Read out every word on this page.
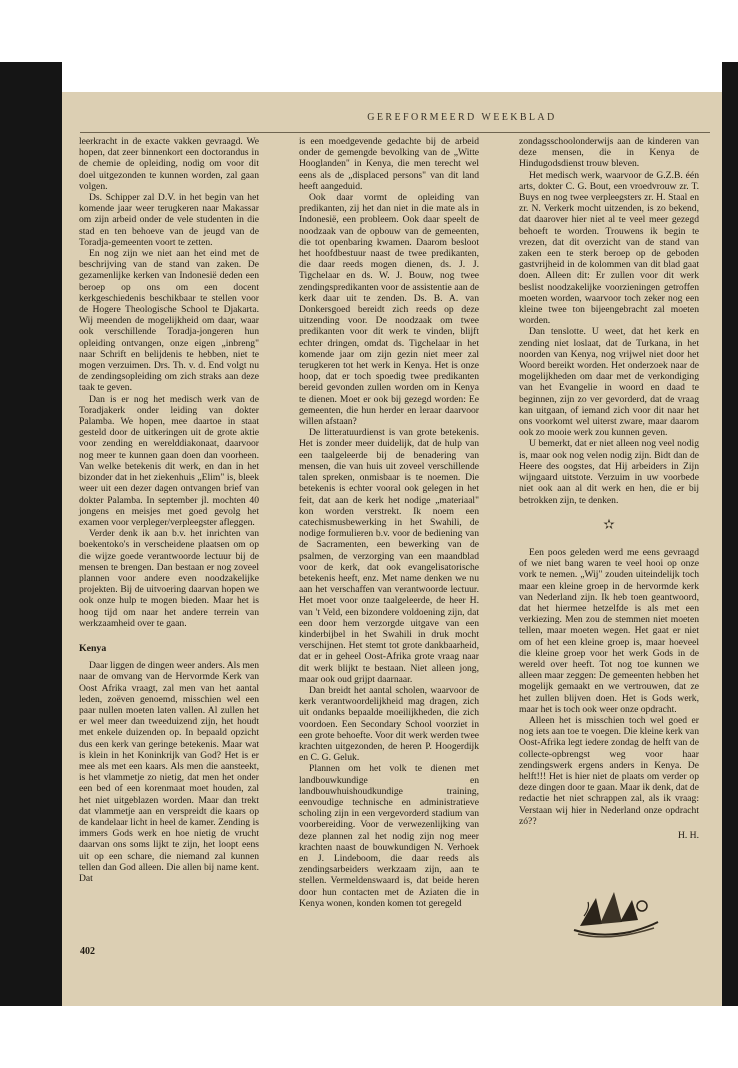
GEREFORMEERD WEEKBLAD

leerkracht in de exacte vakken gevraagd. We hopen, dat zeer binnenkort een doctorandus in de chemie de opleiding, nodig om voor dit doel uitgezonden te kunnen worden, zal gaan volgen.

Ds. Schipper zal D.V. in het begin van het komende jaar weer terugkeren naar Makassar om zijn arbeid onder de vele studenten in die stad en ten behoeve van de jeugd van de Toradja-gemeenten voort te zetten.

En nog zijn we niet aan het eind met de beschrijving van de stand van zaken. De gezamenlijke kerken van Indonesië deden een beroep op ons om een docent kerkgeschiedenis beschikbaar te stellen voor de Hogere Theologische School te Djakarta. Wij meenden de mogelijkheid om daar, waar ook verschillende Toradja-jongeren hun opleiding ontvangen, onze eigen „inbreng" naar Schrift en belijdenis te hebben, niet te mogen verzuimen. Drs. Th. v. d. End volgt nu de zendingsopleiding om zich straks aan deze taak te geven.

Dan is er nog het medisch werk van de Toradjakerk onder leiding van dokter Palamba. We hopen, mee daartoe in staat gesteld door de uitkeringen uit de grote aktie voor zending en werelddiakonaat, daarvoor nog meer te kunnen gaan doen dan voorheen. Van welke betekenis dit werk, en dan in het bizonder dat in het ziekenhuis „Elim" is, bleek weer uit een dezer dagen ontvangen brief van dokter Palamba. In september jl. mochten 40 jongens en meisjes met goed gevolg het examen voor verpleger/verpleegster afleggen.

Verder denk ik aan b.v. het inrichten van boekentoko's in verscheidene plaatsen om op die wijze goede verantwoorde lectuur bij de mensen te brengen. Dan bestaan er nog zoveel plannen voor andere even noodzakelijke projekten. Bij de uitvoering daarvan hopen we ook onze hulp te mogen bieden. Maar het is hoog tijd om naar het andere terrein van werkzaamheid over te gaan.

Kenya

Daar liggen de dingen weer anders. Als men naar de omvang van de Hervormde Kerk van Oost Afrika vraagt, zal men van het aantal leden, zoëven genoemd, misschien wel een paar nullen moeten laten vallen. Al zullen het er wel meer dan tweeduizend zijn, het houdt met enkele duizenden op. In bepaald opzicht dus een kerk van geringe betekenis. Maar wat is klein in het Koninkrijk van God? Het is er mee als met een kaars. Als men die aansteekt, is het vlammetje zo nietig, dat men het onder een bed of een korenmaat moet houden, zal het niet uitgeblazen worden. Maar dan trekt dat vlammetje aan en verspreidt die kaars op de kandelaar licht in heel de kamer. Zending is immers Gods werk en hoe nietig de vrucht daarvan ons soms lijkt te zijn, het loopt eens uit op een schare, die niemand zal kunnen tellen dan God alleen. Die allen bij name kent. Dat

is een moedgevende gedachte bij de arbeid onder de gemengde bevolking van de „Witte Hooglanden" in Kenya, die men terecht wel eens als de „displaced persons" van dit land heeft aangeduid.

Ook daar vormt de opleiding van predikanten, zij het dan niet in die mate als in Indonesië, een probleem. Ook daar speelt de noodzaak van de opbouw van de gemeenten, die tot openbaring kwamen. Daarom besloot het hoofdbestuur naast de twee predikanten, die daar reeds mogen dienen, ds. J. J. Tigchelaar en ds. W. J. Bouw, nog twee zendingspredikanten voor de assistentie aan de kerk daar uit te zenden. Ds. B. A. van Donkersgoed bereidt zich reeds op deze uitzending voor. De noodzaak om twee predikanten voor dit werk te vinden, blijft echter dringen, omdat ds. Tigchelaar in het komende jaar om zijn gezin niet meer zal terugkeren tot het werk in Kenya. Het is onze hoop, dat er toch spoedig twee predikanten bereid gevonden zullen worden om in Kenya te dienen. Moet er ook bij gezegd worden: Ee gemeenten, die hun herder en leraar daarvoor willen afstaan?

De litteratuurdienst is van grote betekenis. Het is zonder meer duidelijk, dat de hulp van een taalgeleerde bij de benadering van mensen, die van huis uit zoveel verschillende talen spreken, onmisbaar is te noemen. Die betekenis is echter vooral ook gelegen in het feit, dat aan de kerk het nodige „materiaal" kon worden verstrekt. Ik noem een catechismusbewerking in het Swahili, de nodige formulieren b.v. voor de bediening van de Sacramenten, een bewerking van de psalmen, de verzorging van een maandblad voor de kerk, dat ook evangelisatorische betekenis heeft, enz. Met name denken we nu aan het verschaffen van verantwoorde lectuur. Het moet voor onze taalgeleerde, de heer H. van 't Veld, een bizondere voldoening zijn, dat een door hem verzorgde uitgave van een kinderbijbel in het Swahili in druk mocht verschijnen. Het stemt tot grote dankbaarheid, dat er in geheel Oost-Afrika grote vraag naar dit werk blijkt te bestaan. Niet alleen jong, maar ook oud grijpt daarnaar.

Dan breidt het aantal scholen, waarvoor de kerk verantwoordelijkheid mag dragen, zich uit ondanks bepaalde moeilijkheden, die zich voordoen. Een Secondary School voorziet in een grote behoefte. Voor dit werk werden twee krachten uitgezonden, de heren P. Hoogerdijk en C. G. Geluk.

Plannen om het volk te dienen met landbouwkundige en landbouwhuishoudkundige training, eenvoudige technische en administratieve scholing zijn in een vergevorderd stadium van voorbereiding. Voor de verwezenlijking van deze plannen zal het nodig zijn nog meer krachten naast de bouwkundigen N. Verhoek en J. Lindeboom, die daar reeds als zendingsarbeiders werkzaam zijn, aan te stellen. Vermeldenswaard is, dat beide heren door hun contacten met de Aziaten die in Kenya wonen, konden komen tot geregeld

zondagsschoolonderwijs aan de kinderen van deze mensen, die in Kenya de Hindugodsdienst trouw bleven.

Het medisch werk, waarvoor de G.Z.B. één arts, dokter C. G. Bout, een vroedvrouw zr. T. Buys en nog twee verpleegsters zr. H. Staal en zr. N. Verkerk mocht uitzenden, is zo bekend, dat daarover hier niet al te veel meer gezegd behoeft te worden. Trouwens ik begin te vrezen, dat dit overzicht van de stand van zaken een te sterk beroep op de geboden gastvrijheid in de kolommen van dit blad gaat doen. Alleen dit: Er zullen voor dit werk beslist noodzakelijke voorzieningen getroffen moeten worden, waarvoor toch zeker nog een kleine twee ton bijeengebracht zal moeten worden.

Dan tenslotte. U weet, dat het kerk en zending niet loslaat, dat de Turkana, in het noorden van Kenya, nog vrijwel niet door het Woord bereikt worden. Het onderzoek naar de mogelijkheden om daar met de verkondiging van het Evangelie in woord en daad te beginnen, zijn zo ver gevorderd, dat de vraag kan uitgaan, of iemand zich voor dit naar het ons voorkomt wel uiterst zware, maar daarom ook zo mooie werk zou kunnen geven.

U bemerkt, dat er niet alleen nog veel nodig is, maar ook nog velen nodig zijn. Bidt dan de Heere des oogstes, dat Hij arbeiders in Zijn wijngaard uitstote. Verzuim in uw voorbede niet ook aan al dit werk en hen, die er bij betrokken zijn, te denken.

✫

Een poos geleden werd me eens gevraagd of we niet bang waren te veel hooi op onze vork te nemen. „Wij" zouden uiteindelijk toch maar een kleine groep in de hervormde kerk van Nederland zijn. Ik heb toen geantwoord, dat het hiermee hetzelfde is als met een verkiezing. Men zou de stemmen niet moeten tellen, maar moeten wegen. Het gaat er niet om of het een kleine groep is, maar hoeveel die kleine groep voor het werk Gods in de wereld over heeft. Tot nog toe kunnen we alleen maar zeggen: De gemeenten hebben het mogelijk gemaakt en we vertrouwen, dat ze het zullen blijven doen. Het is Gods werk, maar het is toch ook weer onze opdracht.

Alleen het is misschien toch wel goed er nog iets aan toe te voegen. Die kleine kerk van Oost-Afrika legt iedere zondag de helft van de collecte-opbrengst weg voor haar zendingswerk ergens anders in Kenya. De helft!!! Het is hier niet de plaats om verder op deze dingen door te gaan. Maar ik denk, dat de redactie het niet schrappen zal, als ik vraag: Verstaan wij hier in Nederland onze opdracht zó??

H. H.
402
